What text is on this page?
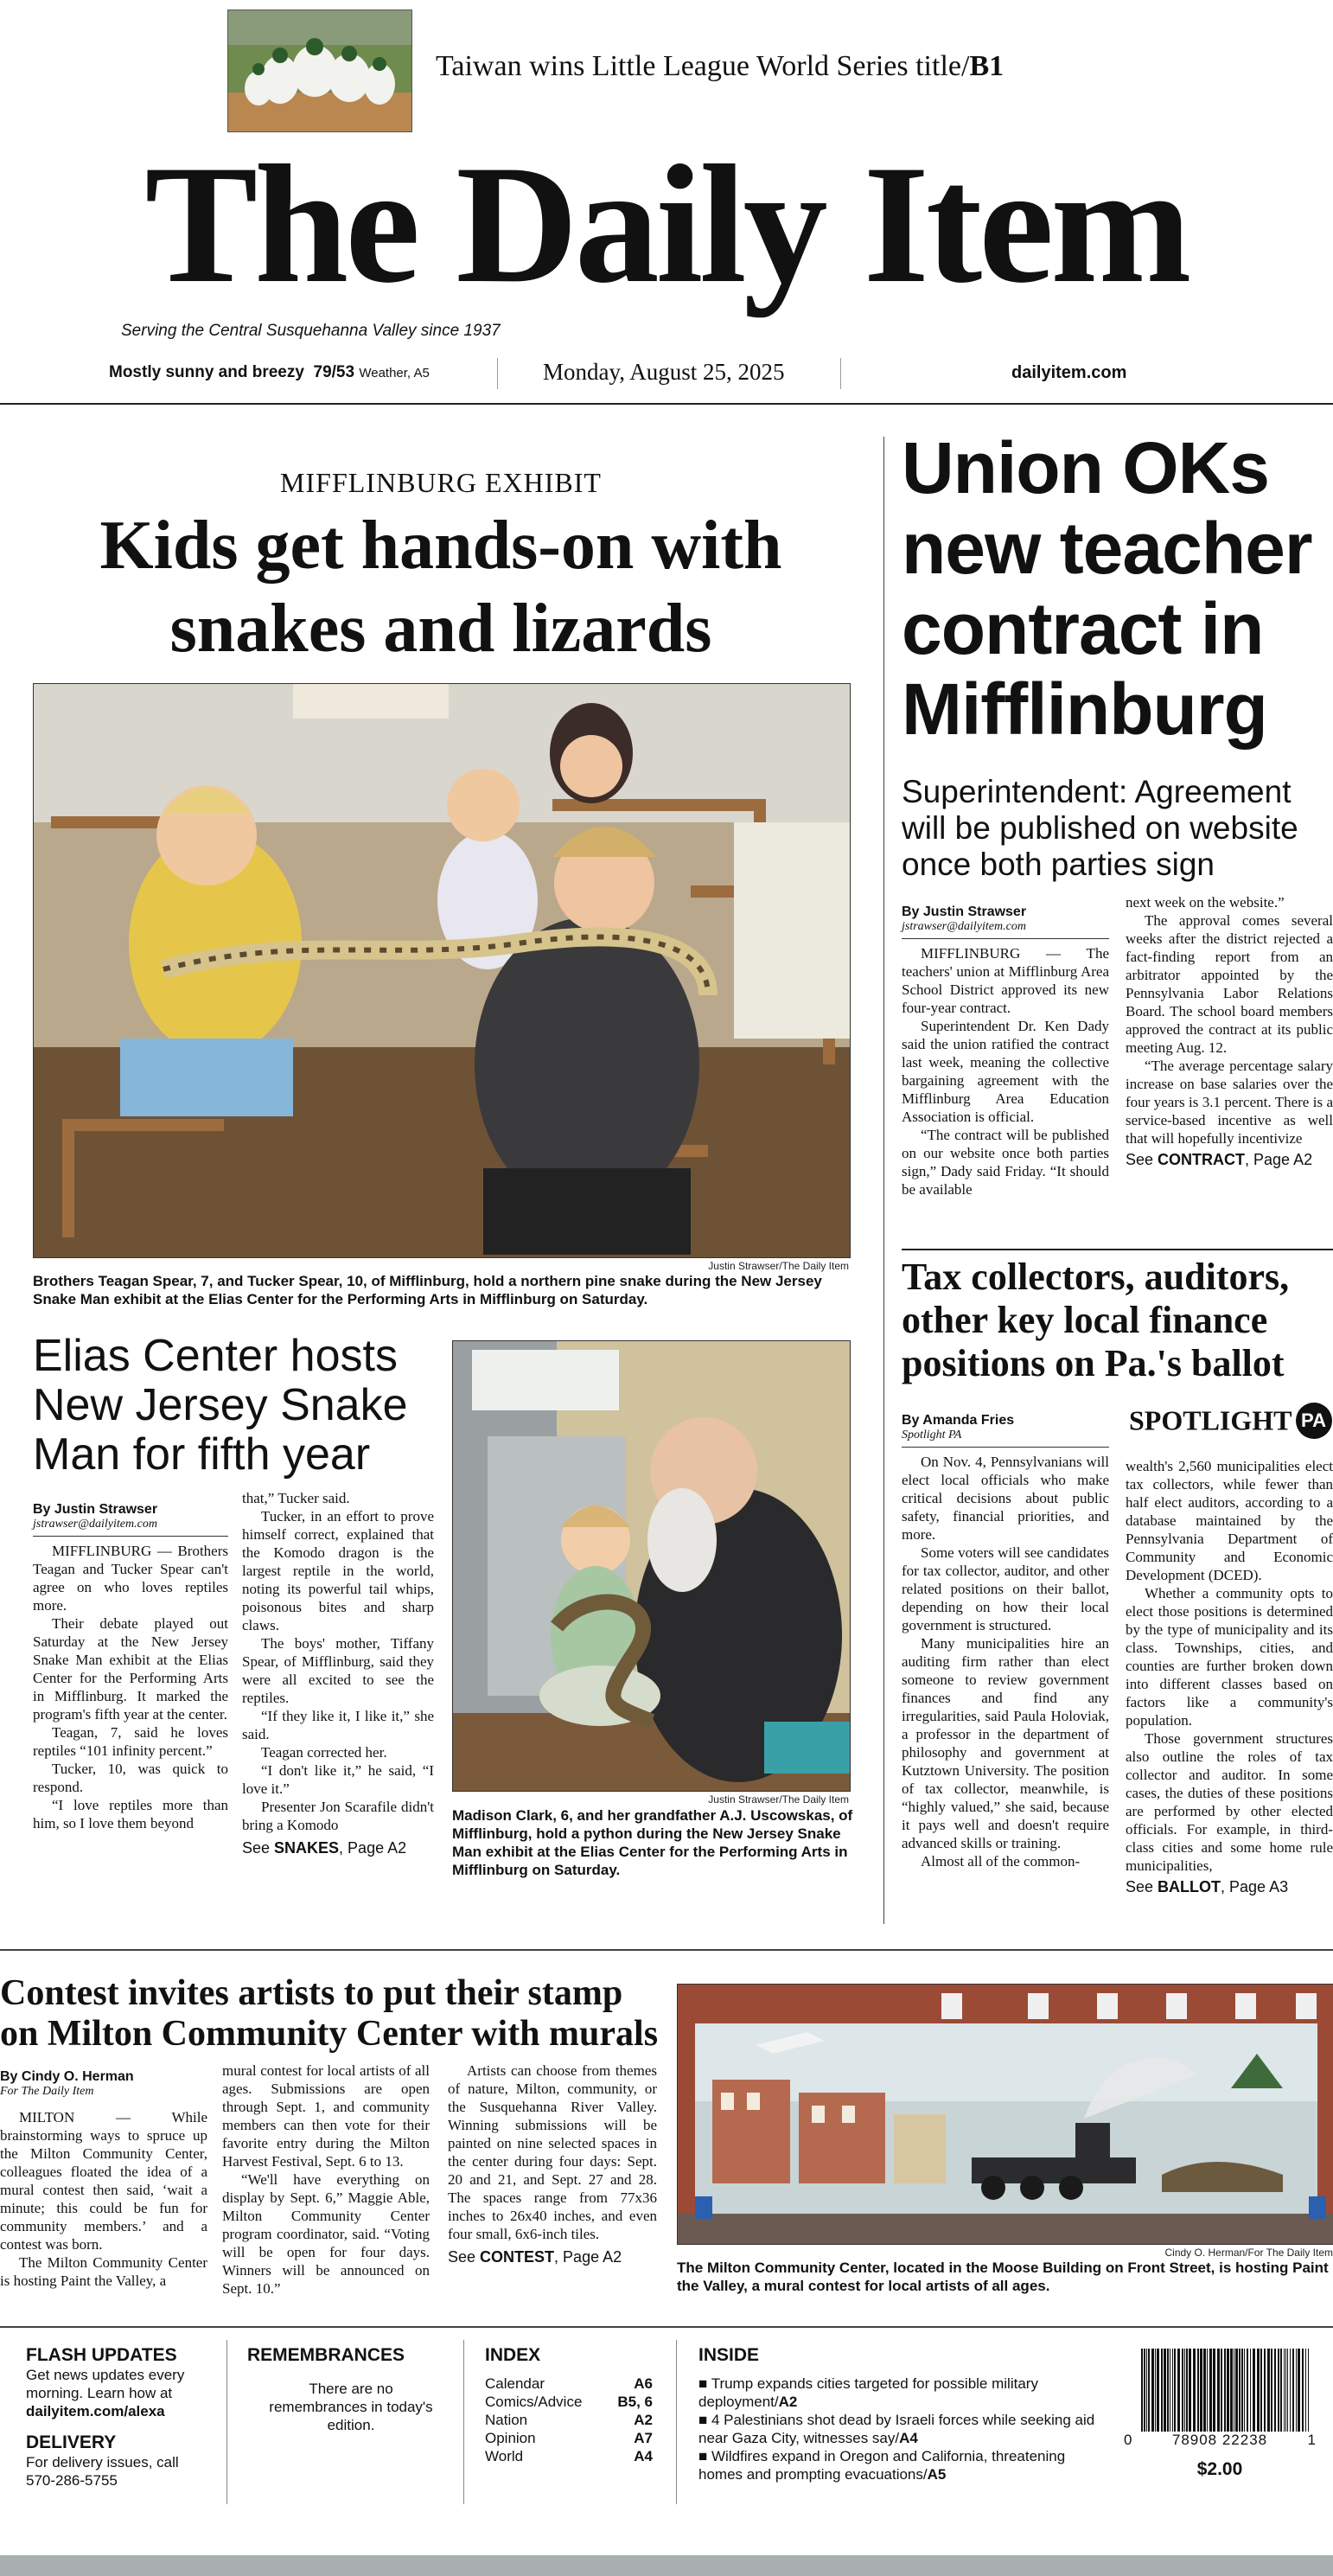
Taiwan wins Little League World Series title/B1
The Daily Item
Serving the Central Susquehanna Valley since 1937
Mostly sunny and breezy 79/53 Weather, A5	Monday, August 25, 2025	dailyitem.com
MIFFLINBURG EXHIBIT
Kids get hands-on with
snakes and lizards
Justin Strawser/The Daily Item
Brothers Teagan Spear, 7, and Tucker Spear, 10, of Mifflinburg, hold a northern pine snake during the New Jersey Snake Man exhibit at the Elias Center for the Performing Arts in Mifflinburg on Saturday.
Elias Center hosts New Jersey Snake Man for fifth year
By Justin Strawser
jstrawser@dailyitem.com

MIFFLINBURG — Brothers Teagan and Tucker Spear can't agree on who loves reptiles more.

Their debate played out Saturday at the New Jersey Snake Man exhibit at the Elias Center for the Performing Arts in Mifflinburg. It marked the program's fifth year at the center.

Teagan, 7, said he loves reptiles “101 infinity percent.”

Tucker, 10, was quick to respond.

“I love reptiles more than him, so I love them beyond

that,” Tucker said.

Tucker, in an effort to prove himself correct, explained that the Komodo dragon is the largest reptile in the world, noting its powerful tail whips, poisonous bites and sharp claws.

The boys' mother, Tiffany Spear, of Mifflinburg, said they were all excited to see the reptiles.

“If they like it, I like it,” she said.

Teagan corrected her.

“I don't like it,” he said, “I love it.”

Presenter Jon Scarafile didn't bring a Komodo

See SNAKES, Page A2
Justin Strawser/The Daily Item
Madison Clark, 6, and her grandfather A.J. Uscowskas, of Mifflinburg, hold a python during the New Jersey Snake Man exhibit at the Elias Center for the Performing Arts in Mifflinburg on Saturday.
Union OKs new teacher contract in Mifflinburg
Superintendent: Agreement will be published on website once both parties sign
By Justin Strawser
jstrawser@dailyitem.com

MIFFLINBURG — The teachers' union at Mifflinburg Area School District approved its new four-year contract.

Superintendent Dr. Ken Dady said the union ratified the contract last week, meaning the collective bargaining agreement with the Mifflinburg Area Education Association is official.

“The contract will be published on our website once both parties sign,” Dady said Friday. “It should be available

next week on the website.”

The approval comes several weeks after the district rejected a fact-finding report from an arbitrator appointed by the Pennsylvania Labor Relations Board. The school board members approved the contract at its public meeting Aug. 12.

“The average percentage salary increase on base salaries over the four years is 3.1 percent. There is a service-based incentive as well that will hopefully incentivize

See CONTRACT, Page A2
Tax collectors, auditors, other key local finance positions on Pa.'s ballot
By Amanda Fries
Spotlight PA

On Nov. 4, Pennsylvanians will elect local officials who make critical decisions about public safety, financial priorities, and more.

Some voters will see candidates for tax collector, auditor, and other related positions on their ballot, depending on how their local government is structured.

Many municipalities hire an auditing firm rather than elect someone to review government finances and find any irregularities, said Paula Holoviak, a professor in the department of philosophy and government at Kutztown University. The position of tax collector, meanwhile, is “highly valued,” she said, because it pays well and doesn't require advanced skills or training.

Almost all of the common-

SPOTLIGHT PA

wealth's 2,560 municipalities elect tax collectors, while fewer than half elect auditors, according to a database maintained by the Pennsylvania Department of Community and Economic Development (DCED).

Whether a community opts to elect those positions is determined by the type of municipality and its class. Townships, cities, and counties are further broken down into different classes based on factors like a community's population.

Those government structures also outline the roles of tax collector and auditor. In some cases, the duties of these positions are performed by other elected officials. For example, in third-class cities and some home rule municipalities,

See BALLOT, Page A3
Contest invites artists to put their stamp
on Milton Community Center with murals
By Cindy O. Herman
For The Daily Item

MILTON — While brainstorming ways to spruce up the Milton Community Center, colleagues floated the idea of a mural contest then said, ‘wait a minute; this could be fun for community members.’ and a contest was born.

The Milton Community Center is hosting Paint the Valley, a

mural contest for local artists of all ages. Submissions are open through Sept. 1, and community members can then vote for their favorite entry during the Milton Harvest Festival, Sept. 6 to 13.

“We'll have everything on display by Sept. 6,” Maggie Able, Milton Community Center program coordinator, said. “Voting will be open for four days. Winners will be announced on Sept. 10.”

Artists can choose from themes of nature, Milton, community, or the Susquehanna River Valley. Winning submissions will be painted on nine selected spaces in the center during four days: Sept. 20 and 21, and Sept. 27 and 28. The spaces range from 77x36 inches to 26x40 inches, and even four small, 6x6-inch tiles.

See CONTEST, Page A2	Cindy O. Herman/For The Daily Item
The Milton Community Center, located in the Moose Building on Front Street, is hosting Paint the Valley, a mural contest for local artists of all ages.
FLASH UPDATES
Get news updates every morning. Learn how at
dailyitem.com/alexa
DELIVERY
For delivery issues, call
570-286-5755
REMEMBRANCES
There are no remembrances in today's edition.
INDEX
Calendar	A6
Comics/Advice B5, 6
Nation	A2
Opinion	A7
World	A4
INSIDE
■ Trump expands cities targeted for possible military deployment/A2
■ 4 Palestinians shot dead by Israeli forces while seeking aid near Gaza City, witnesses say/A4
■ Wildfires expand in Oregon and California, threatening homes and prompting evacuations/A5
0	78908 22238	1
$2.00
